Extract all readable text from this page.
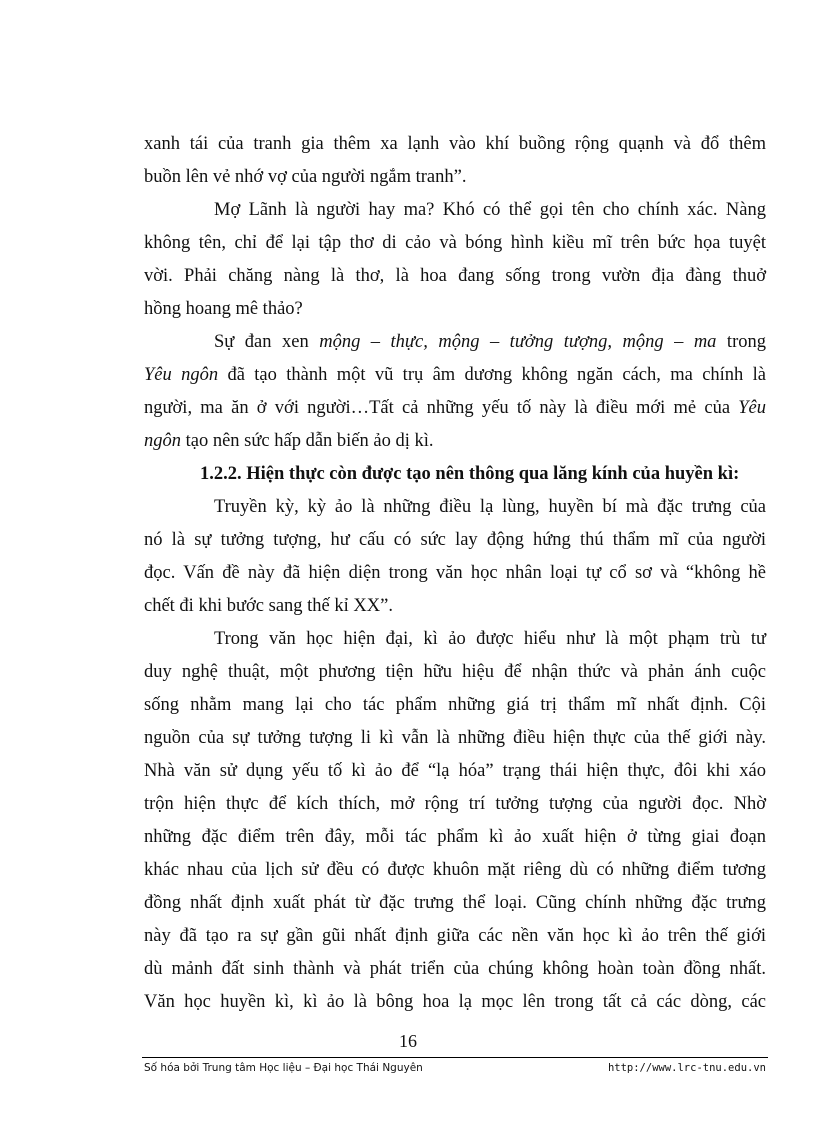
xanh tái của tranh gia thêm xa lạnh vào khí buồng rộng quạnh và đổ thêm
buồn lên vẻ nhớ vợ của người ngắm tranh”.
Mợ Lãnh là người hay ma? Khó có thể gọi tên cho chính xác. Nàng
không tên, chỉ để lại tập thơ di cảo và bóng hình kiều mĩ trên bức họa tuyệt
vời. Phải chăng nàng là thơ, là hoa đang sống trong vườn địa đàng thuở
hồng hoang mê thảo?
Sự đan xen mộng – thực, mộng – tưởng tượng, mộng – ma trong
Yêu ngôn đã tạo thành một vũ trụ âm dương không ngăn cách, ma chính là
người, ma ăn ở với người…Tất cả những yếu tố này là điều mới mẻ của Yêu
ngôn tạo nên sức hấp dẫn biến ảo dị kì.
1.2.2. Hiện thực còn được tạo nên thông qua lăng kính của huyền kì:
Truyền kỳ, kỳ ảo là những điều lạ lùng, huyền bí mà đặc trưng của
nó là sự tưởng tượng, hư cấu có sức lay động hứng thú thẩm mĩ của người
đọc. Vấn đề này đã hiện diện trong văn học nhân loại tự cổ sơ và “không hề
chết đi khi bước sang thế kỉ XX”.
Trong văn học hiện đại, kì ảo được hiểu như là một phạm trù tư
duy nghệ thuật, một phương tiện hữu hiệu để nhận thức và phản ánh cuộc
sống nhằm mang lại cho tác phẩm những giá trị thẩm mĩ nhất định. Cội
nguồn của sự tưởng tượng li kì vẫn là những điều hiện thực của thế giới này.
Nhà văn sử dụng yếu tố kì ảo để “lạ hóa” trạng thái hiện thực, đôi khi xáo
trộn hiện thực để kích thích, mở rộng trí tưởng tượng của người đọc. Nhờ
những đặc điểm trên đây, mỗi tác phẩm kì ảo xuất hiện ở từng giai đoạn
khác nhau của lịch sử đều có được khuôn mặt riêng dù có những điểm tương
đồng nhất định xuất phát từ đặc trưng thể loại. Cũng chính những đặc trưng
này đã tạo ra sự gần gũi nhất định giữa các nền văn học kì ảo trên thế giới
dù mảnh đất sinh thành và phát triển của chúng không hoàn toàn đồng nhất.
Văn học huyền kì, kì ảo là bông hoa lạ mọc lên trong tất cả các dòng, các
16
Số hóa bởi Trung tâm Học liệu – Đại học Thái Nguyên	http://www.lrc-tnu.edu.vn
